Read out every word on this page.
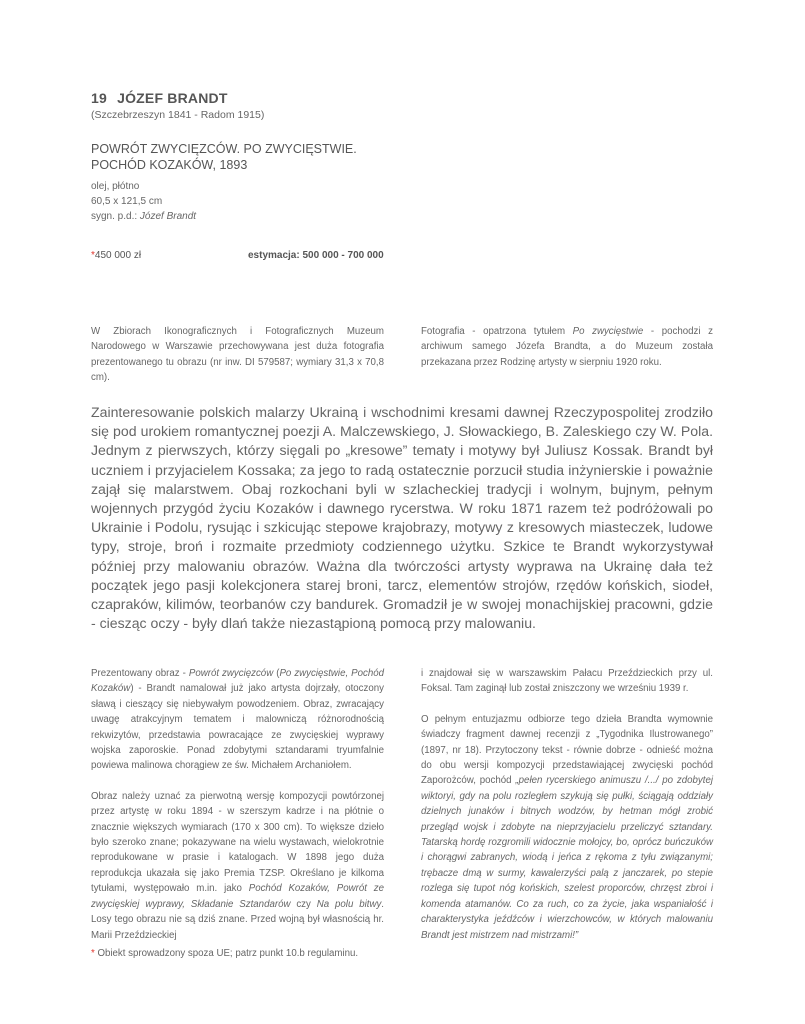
19 JÓZEF BRANDT
(Szczebrzeszyn 1841 - Radom 1915)
POWRÓT ZWYCIĘZCÓW. PO ZWYCIĘSTWIE.
POCHÓD KOZAKÓW, 1893
olej, płótno
60,5 x 121,5 cm
sygn. p.d.: Józef Brandt
*450 000 zł	estymacja: 500 000 - 700 000
W Zbiorach Ikonograficznych i Fotograficznych Muzeum Narodowego w Warszawie przechowywana jest duża fotografia prezentowanego tu obrazu (nr inw. DI 579587; wymiary 31,3 x 70,8 cm).
Fotografia - opatrzona tytułem Po zwycięstwie - pochodzi z archiwum samego Józefa Brandta, a do Muzeum została przekazana przez Rodzinę artysty w sierpniu 1920 roku.
Zainteresowanie polskich malarzy Ukrainą i wschodnimi kresami dawnej Rzeczypospolitej zrodziło się pod urokiem romantycznej poezji A. Malczewskiego, J. Słowackiego, B. Zaleskiego czy W. Pola. Jednym z pierwszych, którzy sięgali po „kresowe” tematy i motywy był Juliusz Kossak. Brandt był uczniem i przyjacielem Kossaka; za jego to radą ostatecznie porzucił studia inżynierskie i poważnie zajął się malarstwem. Obaj rozkochani byli w szlacheckiej tradycji i wolnym, bujnym, pełnym wojennych przygód życiu Kozaków i dawnego rycerstwa. W roku 1871 razem też podróżowali po Ukrainie i Podolu, rysując i szkicując stepowe krajobrazy, motywy z kresowych miasteczek, ludowe typy, stroje, broń i rozmaite przedmioty codziennego użytku. Szkice te Brandt wykorzystywał później przy malowaniu obrazów. Ważna dla twórczości artysty wyprawa na Ukrainę dała też początek jego pasji kolekcjonera starej broni, tarcz, elementów strojów, rzędów końskich, siodeł, czapraków, kilimów, teorbanów czy bandurek. Gromadził je w swojej monachijskiej pracowni, gdzie - ciesząc oczy - były dlań także niezastąpioną pomocą przy malowaniu.

Prezentowany obraz - Powrót zwycięzców (Po zwycięstwie, Pochód Kozaków) - Brandt namalował już jako artysta dojrzały, otoczony sławą i cieszący się niebywałym powodzeniem. Obraz, zwracający uwagę atrakcyjnym tematem i malowniczą różnorodnością rekwizytów, przedstawia powracające ze zwycięskiej wyprawy wojska zaporoskie. Ponad zdobytymi sztandarami tryumfalnie powiewa malinowa chorągiew ze św. Michałem Archaniołem.

Obraz należy uznać za pierwotną wersję kompozycji powtórzonej przez artystę w roku 1894 - w szerszym kadrze i na płótnie o znacznie większych wymiarach (170 x 300 cm). To większe dzieło było szeroko znane; pokazywane na wielu wystawach, wielokrotnie reprodukowane w prasie i katalogach. W 1898 jego duża reprodukcja ukazała się jako Premia TZSP. Określano je kilkoma tytułami, występowało m.in. jako Pochód Kozaków, Powrót ze zwycięskiej wyprawy, Składanie Sztandarów czy Na polu bitwy. Losy tego obrazu nie są dziś znane. Przed wojną był własnością hr. Marii Przeździeckiej

i znajdował się w warszawskim Pałacu Przeździeckich przy ul. Foksal. Tam zaginął lub został zniszczony we wrześniu 1939 r.

O pełnym entuzjazmu odbiorze tego dzieła Brandta wymownie świadczy fragment dawnej recenzji z „Tygodnika Ilustrowanego” (1897, nr 18). Przytoczony tekst - równie dobrze - odnieść można do obu wersji kompozycji przedstawiającej zwycięski pochód Zaporożców, pochód „pełen rycerskiego animuszu /.../ po zdobytej wiktoryi, gdy na polu rozległem szykują się pułki, ściągają oddziały dzielnych junaków i bitnych wodzów, by hetman mógł zrobić przegląd wojsk i zdobyte na nieprzyjacielu przeliczyć sztandary. Tatarską hordę rozgromili widocznie mołojcy, bo, oprócz buńczuków i chorągwi zabranych, wiodą i jeńca z rękoma z tyłu związanymi; trębacze dmą w surmy, kawalerzyści palą z janczarek, po stepie rozlega się tupot nóg końskich, szelest proporców, chrzęst zbroi i komenda atamanów. Co za ruch, co za życie, jaka wspaniałość i charakterystyka jeźdźców i wierzchowców, w których malowaniu Brandt jest mistrzem nad mistrzami!”

* Obiekt sprowadzony spoza UE; patrz punkt 10.b regulaminu.
